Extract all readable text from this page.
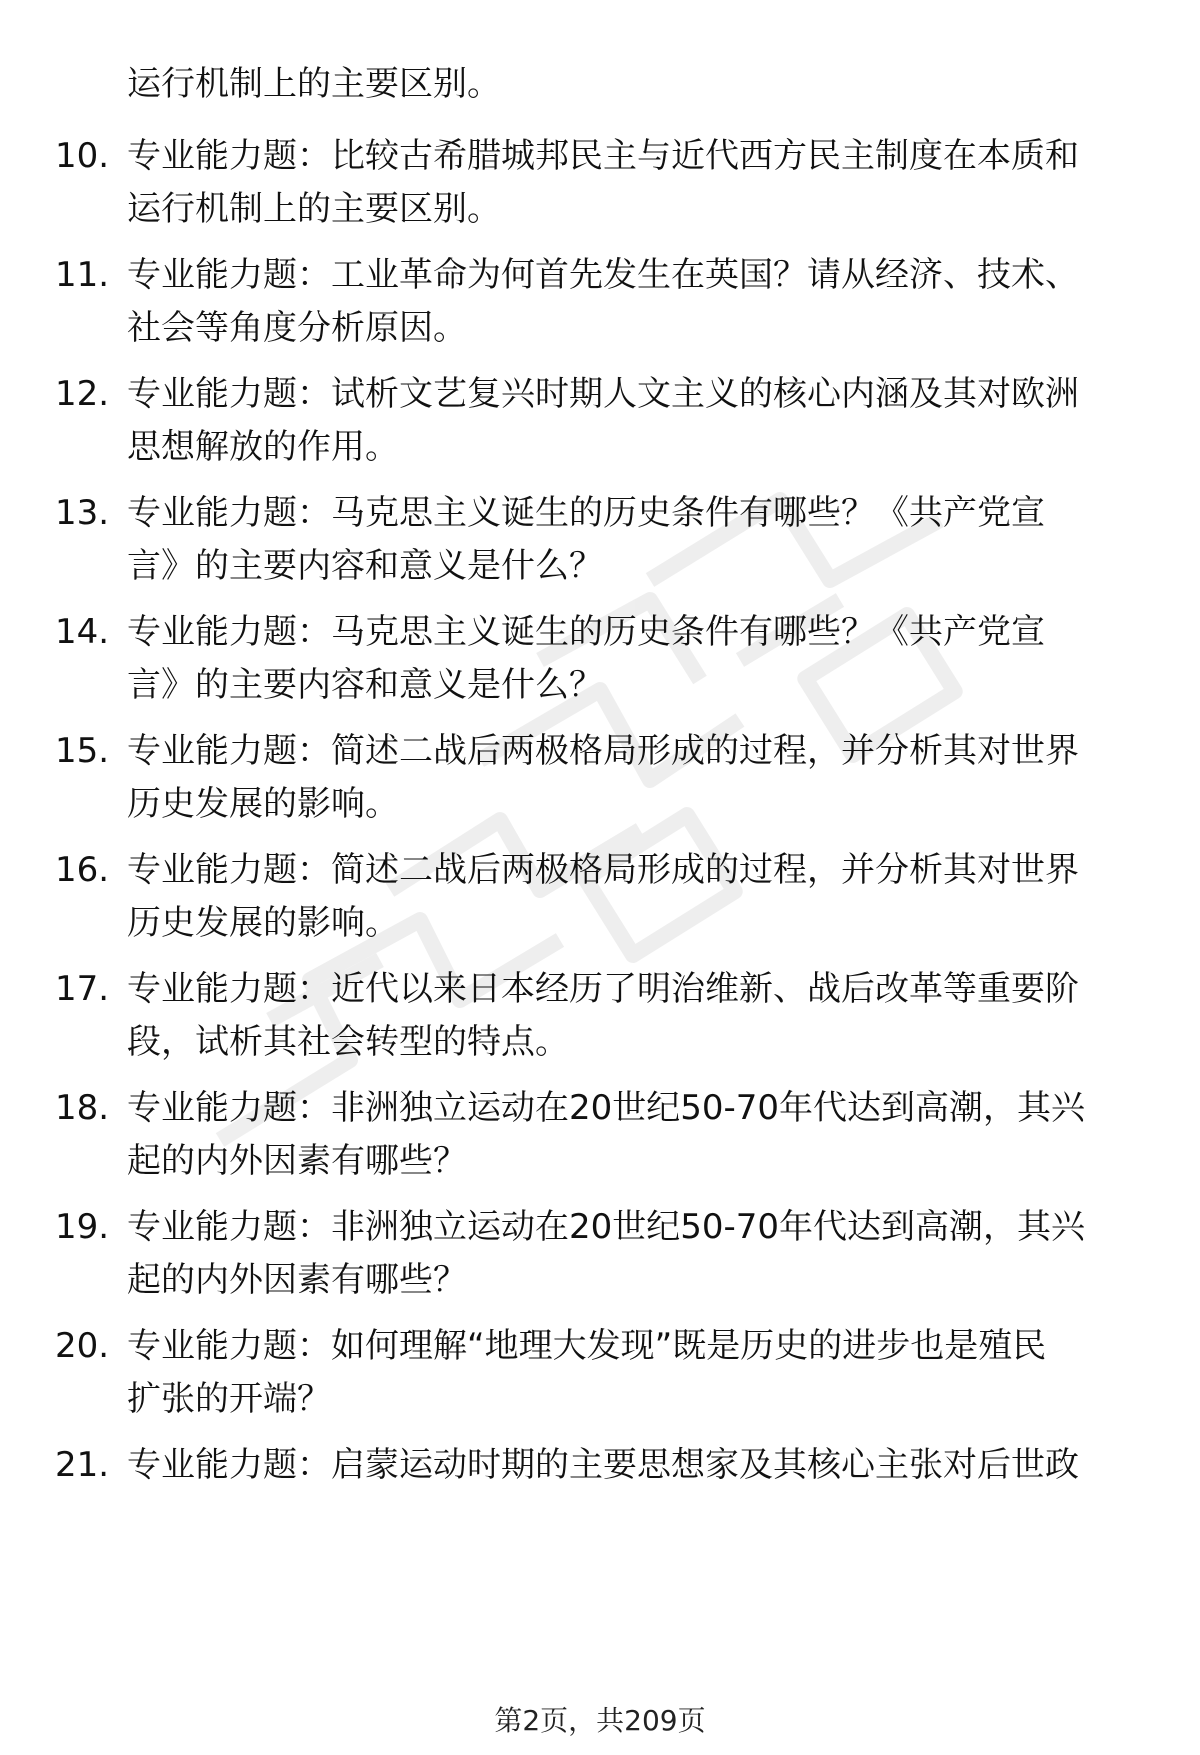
运行机制上的主要区别。
10. 专业能力题：比较古希腊城邦民主与近代西方民主制度在本质和
运行机制上的主要区别。
11. 专业能力题：工业革命为何首先发生在英国？请从经济、技术、
社会等角度分析原因。
12. 专业能力题：试析文艺复兴时期人文主义的核心内涵及其对欧洲
思想解放的作用。
13. 专业能力题：马克思主义诞生的历史条件有哪些？《共产党宣
言》的主要内容和意义是什么？
14. 专业能力题：马克思主义诞生的历史条件有哪些？《共产党宣
言》的主要内容和意义是什么？
15. 专业能力题：简述二战后两极格局形成的过程，并分析其对世界
历史发展的影响。
16. 专业能力题：简述二战后两极格局形成的过程，并分析其对世界
历史发展的影响。
17. 专业能力题：近代以来日本经历了明治维新、战后改革等重要阶
段，试析其社会转型的特点。
18. 专业能力题：非洲独立运动在20世纪50-70年代达到高潮，其兴
起的内外因素有哪些？
19. 专业能力题：非洲独立运动在20世纪50-70年代达到高潮，其兴
起的内外因素有哪些？
20. 专业能力题：如何理解“地理大发现”既是历史的进步也是殖民
扩张的开端？
21. 专业能力题：启蒙运动时期的主要思想家及其核心主张对后世政
第2页，共209页
